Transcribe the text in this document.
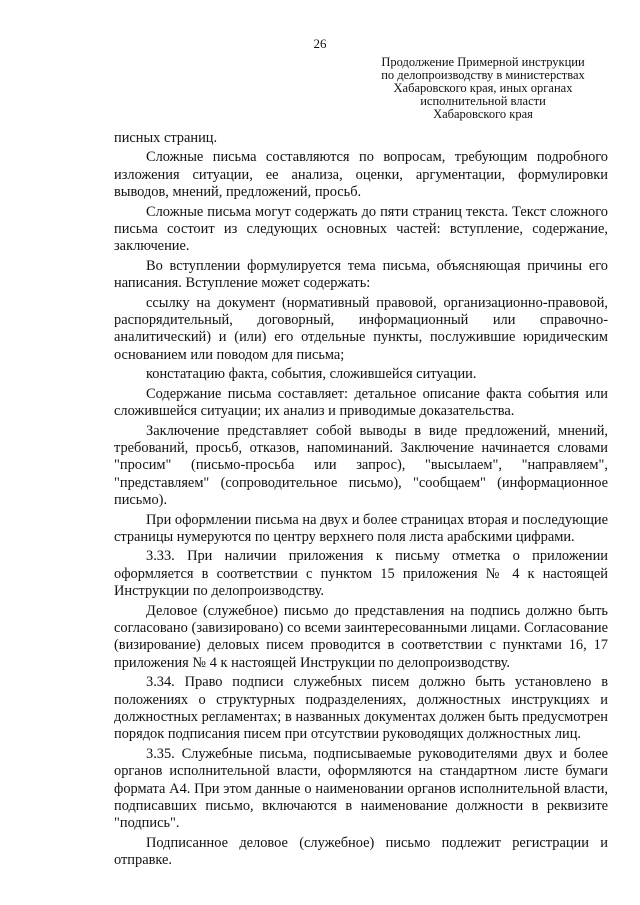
26
Продолжение Примерной инструкции
по делопроизводству в министерствах
Хабаровского края, иных органах
исполнительной власти
Хабаровского края

писных страниц.

Сложные письма составляются по вопросам, требующим подробного изложения ситуации, ее анализа, оценки, аргументации, формулировки выводов, мнений, предложений, просьб.

Сложные письма могут содержать до пяти страниц текста. Текст сложного письма состоит из следующих основных частей: вступление, содержание, заключение.

Во вступлении формулируется тема письма, объясняющая причины его написания. Вступление может содержать:

ссылку на документ (нормативный правовой, организационно-правовой, распорядительный, договорный, информационный или справочно-аналитический) и (или) его отдельные пункты, послужившие юридическим основанием или поводом для письма;

констатацию факта, события, сложившейся ситуации.

Содержание письма составляет: детальное описание факта события или сложившейся ситуации; их анализ и приводимые доказательства.

Заключение представляет собой выводы в виде предложений, мнений, требований, просьб, отказов, напоминаний. Заключение начинается словами "просим" (письмо-просьба или запрос), "высылаем", "направляем", "представляем" (сопроводительное письмо), "сообщаем" (информационное письмо).

При оформлении письма на двух и более страницах вторая и последующие страницы нумеруются по центру верхнего поля листа арабскими цифрами.

3.33. При наличии приложения к письму отметка о приложении оформляется в соответствии с пунктом 15 приложения № 4 к настоящей Инструкции по делопроизводству.

Деловое (служебное) письмо до представления на подпись должно быть согласовано (завизировано) со всеми заинтересованными лицами. Согласование (визирование) деловых писем проводится в соответствии с пунктами 16, 17 приложения № 4 к настоящей Инструкции по делопроизводству.

3.34. Право подписи служебных писем должно быть установлено в положениях о структурных подразделениях, должностных инструкциях и должностных регламентах; в названных документах должен быть предусмотрен порядок подписания писем при отсутствии руководящих должностных лиц.

3.35. Служебные письма, подписываемые руководителями двух и более органов исполнительной власти, оформляются на стандартном листе бумаги формата А4. При этом данные о наименовании органов исполнительной власти, подписавших письмо, включаются в наименование должности в реквизите "подпись".

Подписанное деловое (служебное) письмо подлежит регистрации и отправке.
